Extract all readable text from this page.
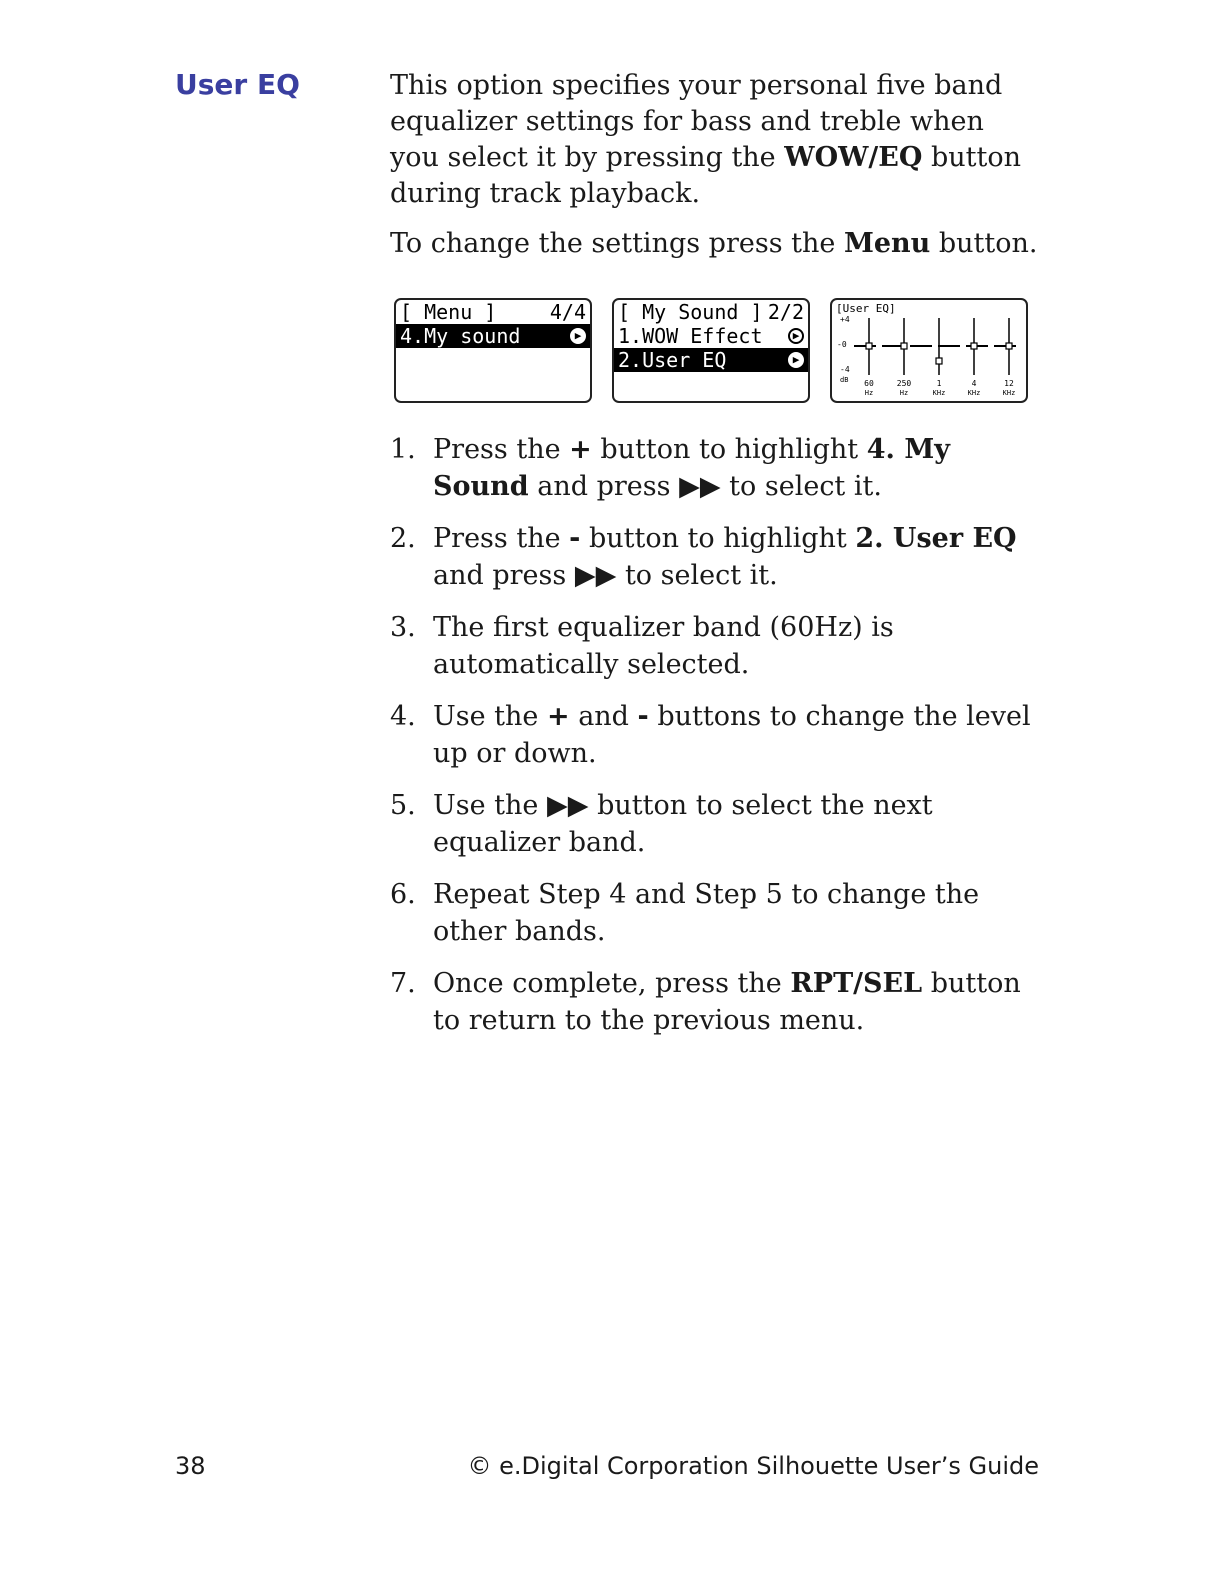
User EQ	This option specifies your personal five band equalizer settings for bass and treble when you select it by pressing the WOW/EQ button during track playback.

To change the settings press the Menu button.

[ Menu ]	4/4
4.My sound	▶
[ My Sound ] 2/2
1.WOW Effect	▶
2.User EQ	▶
[User EQ]
+4
-0
-4
dB 60
Hz
250
Hz
1
KHz
4
KHz
12
KHz
1. Press the + button to highlight 4. My Sound and press ▶▶ to select it.
2. Press the - button to highlight 2. User EQ and press ▶▶ to select it.
3. The first equalizer band (60Hz) is automatically selected.
4. Use the + and - buttons to change the level up or down.
5. Use the ▶▶ button to select the next equalizer band.
6. Repeat Step 4 and Step 5 to change the other bands.
7. Once complete, press the RPT/SEL button to return to the previous menu.
38	© e.Digital Corporation Silhouette User’s Guide
